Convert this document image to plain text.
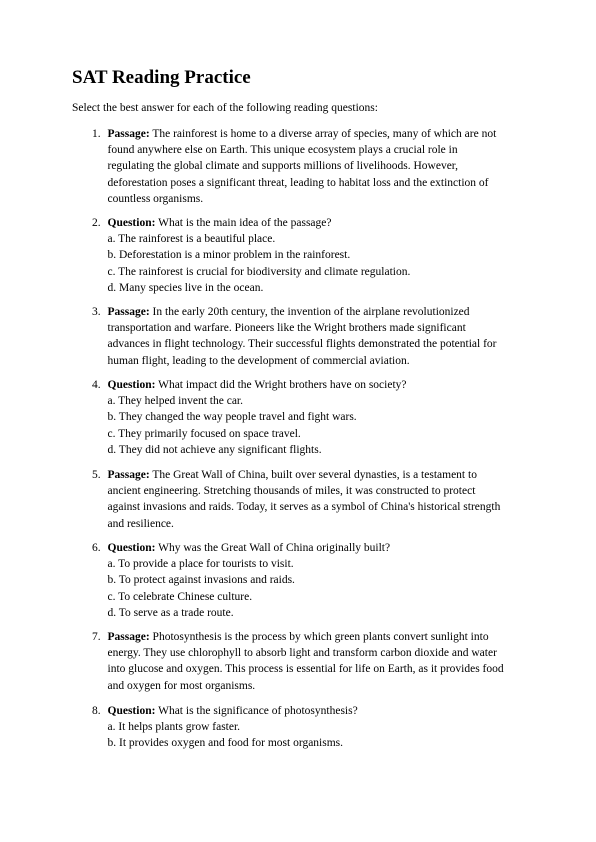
SAT Reading Practice

Select the best answer for each of the following reading questions:

1. Passage: The rainforest is home to a diverse array of species, many of which are not
found anywhere else on Earth. This unique ecosystem plays a crucial role in
regulating the global climate and supports millions of livelihoods. However,
deforestation poses a significant threat, leading to habitat loss and the extinction of
countless organisms.
2. Question: What is the main idea of the passage?
a. The rainforest is a beautiful place.
b. Deforestation is a minor problem in the rainforest.
c. The rainforest is crucial for biodiversity and climate regulation.
d. Many species live in the ocean.
3. Passage: In the early 20th century, the invention of the airplane revolutionized
transportation and warfare. Pioneers like the Wright brothers made significant
advances in flight technology. Their successful flights demonstrated the potential for
human flight, leading to the development of commercial aviation.
4. Question: What impact did the Wright brothers have on society?
a. They helped invent the car.
b. They changed the way people travel and fight wars.
c. They primarily focused on space travel.
d. They did not achieve any significant flights.
5. Passage: The Great Wall of China, built over several dynasties, is a testament to
ancient engineering. Stretching thousands of miles, it was constructed to protect
against invasions and raids. Today, it serves as a symbol of China's historical strength
and resilience.
6. Question: Why was the Great Wall of China originally built?
a. To provide a place for tourists to visit.
b. To protect against invasions and raids.
c. To celebrate Chinese culture.
d. To serve as a trade route.
7. Passage: Photosynthesis is the process by which green plants convert sunlight into
energy. They use chlorophyll to absorb light and transform carbon dioxide and water
into glucose and oxygen. This process is essential for life on Earth, as it provides food
and oxygen for most organisms.
8. Question: What is the significance of photosynthesis?
a. It helps plants grow faster.
b. It provides oxygen and food for most organisms.
